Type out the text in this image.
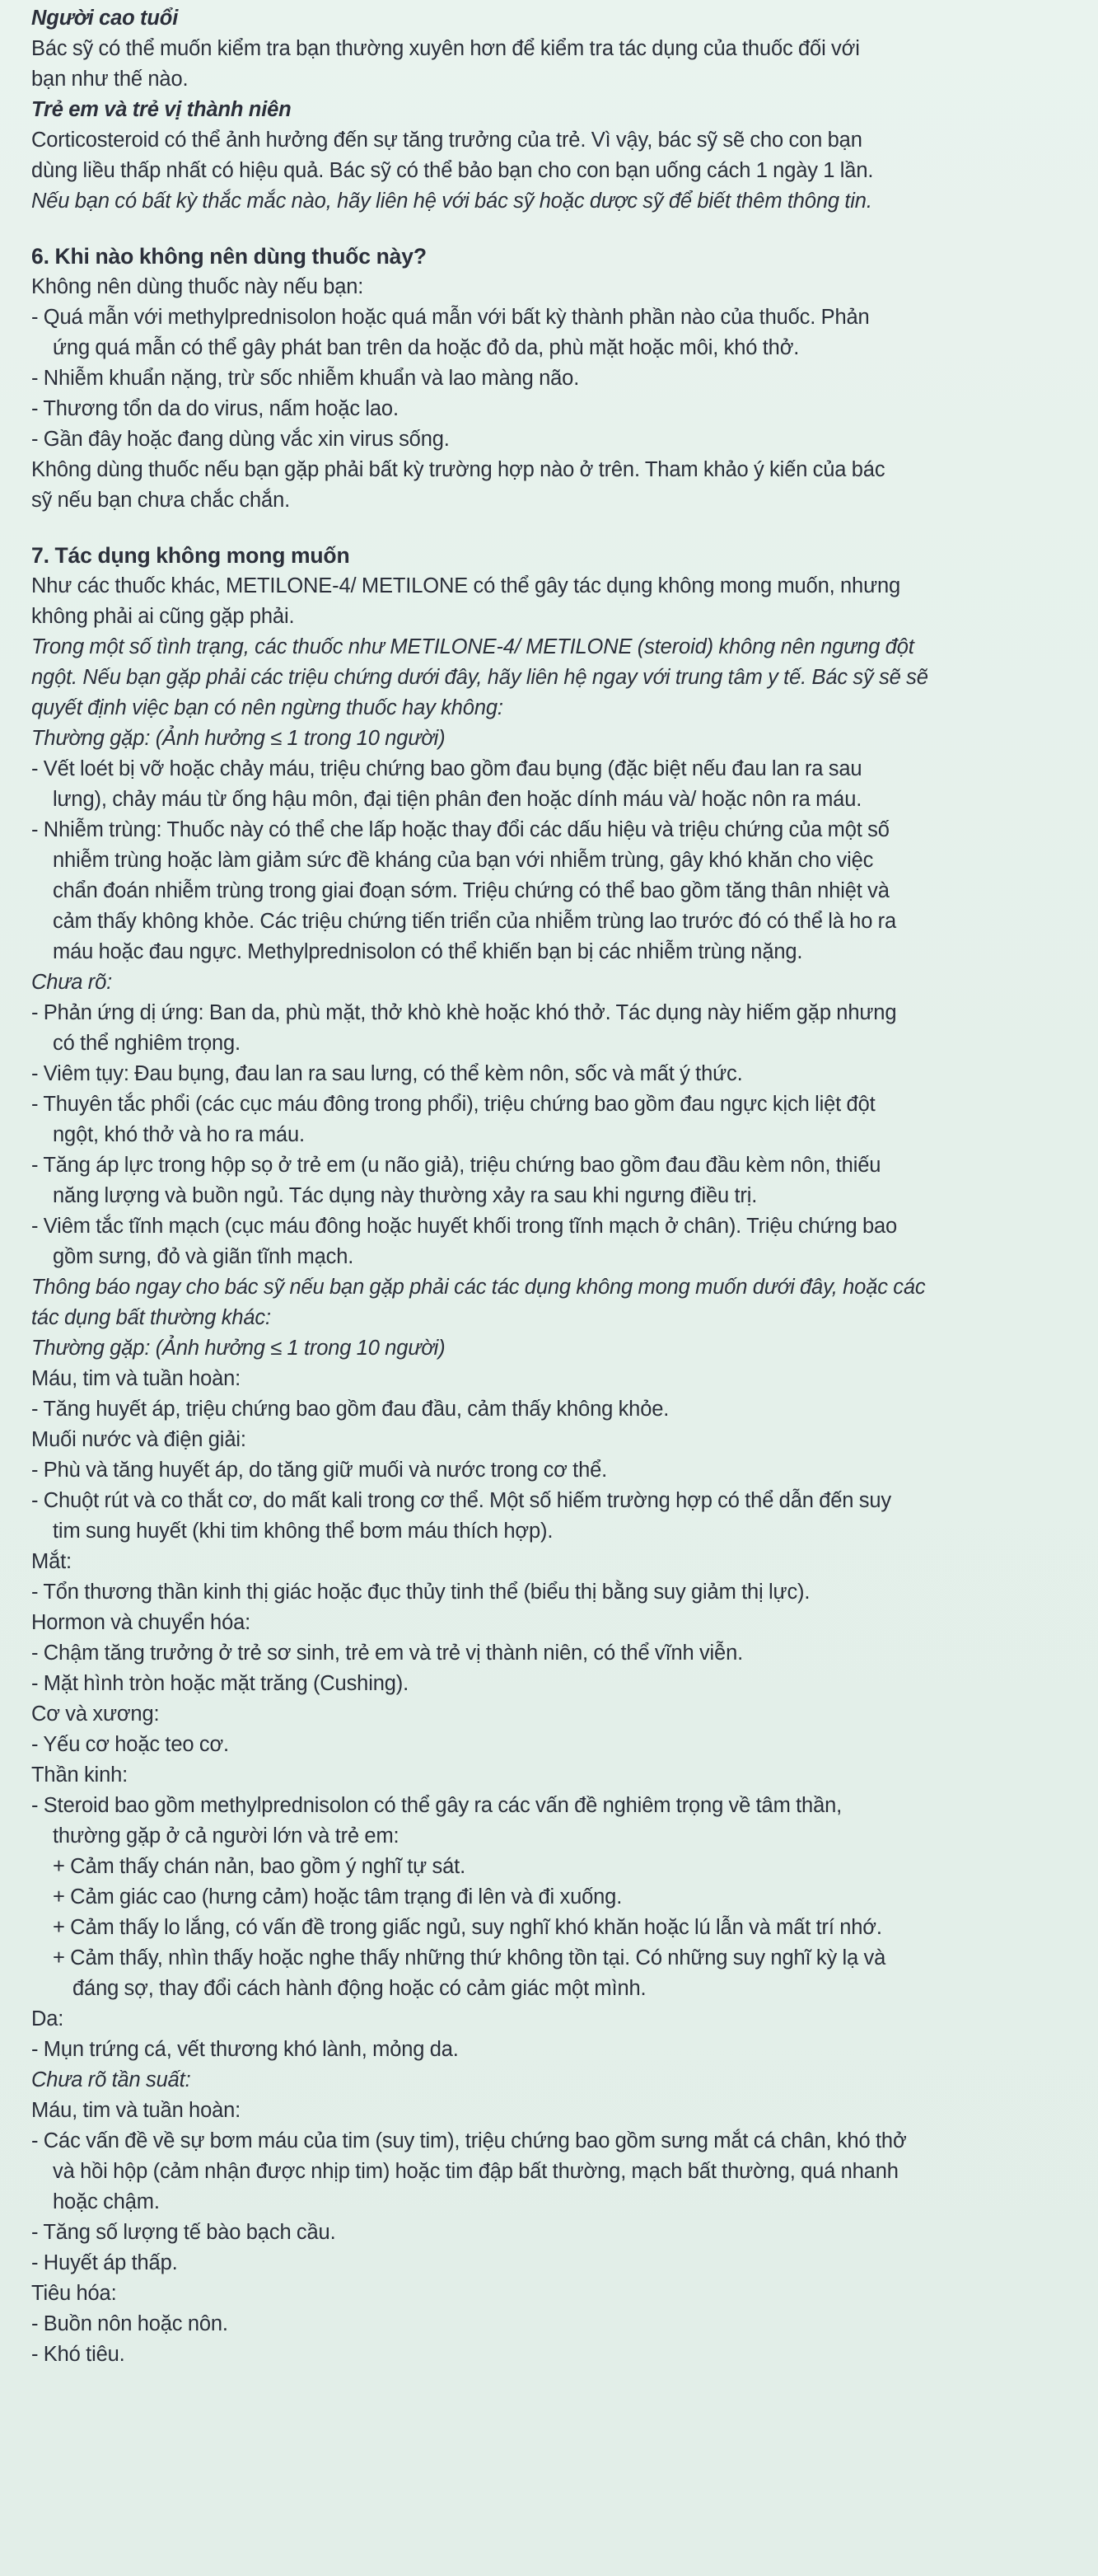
Người cao tuổi
Bác sỹ có thể muốn kiểm tra bạn thường xuyên hơn để kiểm tra tác dụng của thuốc đối với
bạn như thế nào.
Trẻ em và trẻ vị thành niên
Corticosteroid có thể ảnh hưởng đến sự tăng trưởng của trẻ. Vì vậy, bác sỹ sẽ cho con bạn
dùng liều thấp nhất có hiệu quả. Bác sỹ có thể bảo bạn cho con bạn uống cách 1 ngày 1 lần.
Nếu bạn có bất kỳ thắc mắc nào, hãy liên hệ với bác sỹ hoặc dược sỹ để biết thêm thông tin.
6. Khi nào không nên dùng thuốc này?
Không nên dùng thuốc này nếu bạn:
- Quá mẫn với methylprednisolon hoặc quá mẫn với bất kỳ thành phần nào của thuốc. Phản
ứng quá mẫn có thể gây phát ban trên da hoặc đỏ da, phù mặt hoặc môi, khó thở.
- Nhiễm khuẩn nặng, trừ sốc nhiễm khuẩn và lao màng não.
- Thương tổn da do virus, nấm hoặc lao.
- Gần đây hoặc đang dùng vắc xin virus sống.
Không dùng thuốc nếu bạn gặp phải bất kỳ trường hợp nào ở trên. Tham khảo ý kiến của bác
sỹ nếu bạn chưa chắc chắn.
7. Tác dụng không mong muốn
Như các thuốc khác, METILONE-4/ METILONE có thể gây tác dụng không mong muốn, nhưng
không phải ai cũng gặp phải.
Trong một số tình trạng, các thuốc như METILONE-4/ METILONE (steroid) không nên ngưng đột
ngột. Nếu bạn gặp phải các triệu chứng dưới đây, hãy liên hệ ngay với trung tâm y tế. Bác sỹ sẽ sẽ
quyết định việc bạn có nên ngừng thuốc hay không:
Thường gặp: (Ảnh hưởng ≤ 1 trong 10 người)
- Vết loét bị vỡ hoặc chảy máu, triệu chứng bao gồm đau bụng (đặc biệt nếu đau lan ra sau
lưng), chảy máu từ ống hậu môn, đại tiện phân đen hoặc dính máu và/ hoặc nôn ra máu.
- Nhiễm trùng: Thuốc này có thể che lấp hoặc thay đổi các dấu hiệu và triệu chứng của một số
nhiễm trùng hoặc làm giảm sức đề kháng của bạn với nhiễm trùng, gây khó khăn cho việc
chẩn đoán nhiễm trùng trong giai đoạn sớm. Triệu chứng có thể bao gồm tăng thân nhiệt và
cảm thấy không khỏe. Các triệu chứng tiến triển của nhiễm trùng lao trước đó có thể là ho ra
máu hoặc đau ngực. Methylprednisolon có thể khiến bạn bị các nhiễm trùng nặng.
Chưa rõ:
- Phản ứng dị ứng: Ban da, phù mặt, thở khò khè hoặc khó thở. Tác dụng này hiếm gặp nhưng
có thể nghiêm trọng.
- Viêm tụy: Đau bụng, đau lan ra sau lưng, có thể kèm nôn, sốc và mất ý thức.
- Thuyên tắc phổi (các cục máu đông trong phổi), triệu chứng bao gồm đau ngực kịch liệt đột
ngột, khó thở và ho ra máu.
- Tăng áp lực trong hộp sọ ở trẻ em (u não giả), triệu chứng bao gồm đau đầu kèm nôn, thiếu
năng lượng và buồn ngủ. Tác dụng này thường xảy ra sau khi ngưng điều trị.
- Viêm tắc tĩnh mạch (cục máu đông hoặc huyết khối trong tĩnh mạch ở chân). Triệu chứng bao
gồm sưng, đỏ và giãn tĩnh mạch.
Thông báo ngay cho bác sỹ nếu bạn gặp phải các tác dụng không mong muốn dưới đây, hoặc các
tác dụng bất thường khác:
Thường gặp: (Ảnh hưởng ≤ 1 trong 10 người)
Máu, tim và tuần hoàn:
- Tăng huyết áp, triệu chứng bao gồm đau đầu, cảm thấy không khỏe.
Muối nước và điện giải:
- Phù và tăng huyết áp, do tăng giữ muối và nước trong cơ thể.
- Chuột rút và co thắt cơ, do mất kali trong cơ thể. Một số hiếm trường hợp có thể dẫn đến suy
tim sung huyết (khi tim không thể bơm máu thích hợp).
Mắt:
- Tổn thương thần kinh thị giác hoặc đục thủy tinh thể (biểu thị bằng suy giảm thị lực).
Hormon và chuyển hóa:
- Chậm tăng trưởng ở trẻ sơ sinh, trẻ em và trẻ vị thành niên, có thể vĩnh viễn.
- Mặt hình tròn hoặc mặt trăng (Cushing).
Cơ và xương:
- Yếu cơ hoặc teo cơ.
Thần kinh:
- Steroid bao gồm methylprednisolon có thể gây ra các vấn đề nghiêm trọng về tâm thần,
thường gặp ở cả người lớn và trẻ em:
+ Cảm thấy chán nản, bao gồm ý nghĩ tự sát.
+ Cảm giác cao (hưng cảm) hoặc tâm trạng đi lên và đi xuống.
+ Cảm thấy lo lắng, có vấn đề trong giấc ngủ, suy nghĩ khó khăn hoặc lú lẫn và mất trí nhớ.
+ Cảm thấy, nhìn thấy hoặc nghe thấy những thứ không tồn tại. Có những suy nghĩ kỳ lạ và
đáng sợ, thay đổi cách hành động hoặc có cảm giác một mình.
Da:
- Mụn trứng cá, vết thương khó lành, mỏng da.
Chưa rõ tần suất:
Máu, tim và tuần hoàn:
- Các vấn đề về sự bơm máu của tim (suy tim), triệu chứng bao gồm sưng mắt cá chân, khó thở
và hồi hộp (cảm nhận được nhịp tim) hoặc tim đập bất thường, mạch bất thường, quá nhanh
hoặc chậm.
- Tăng số lượng tế bào bạch cầu.
- Huyết áp thấp.
Tiêu hóa:
- Buồn nôn hoặc nôn.
- Khó tiêu.
